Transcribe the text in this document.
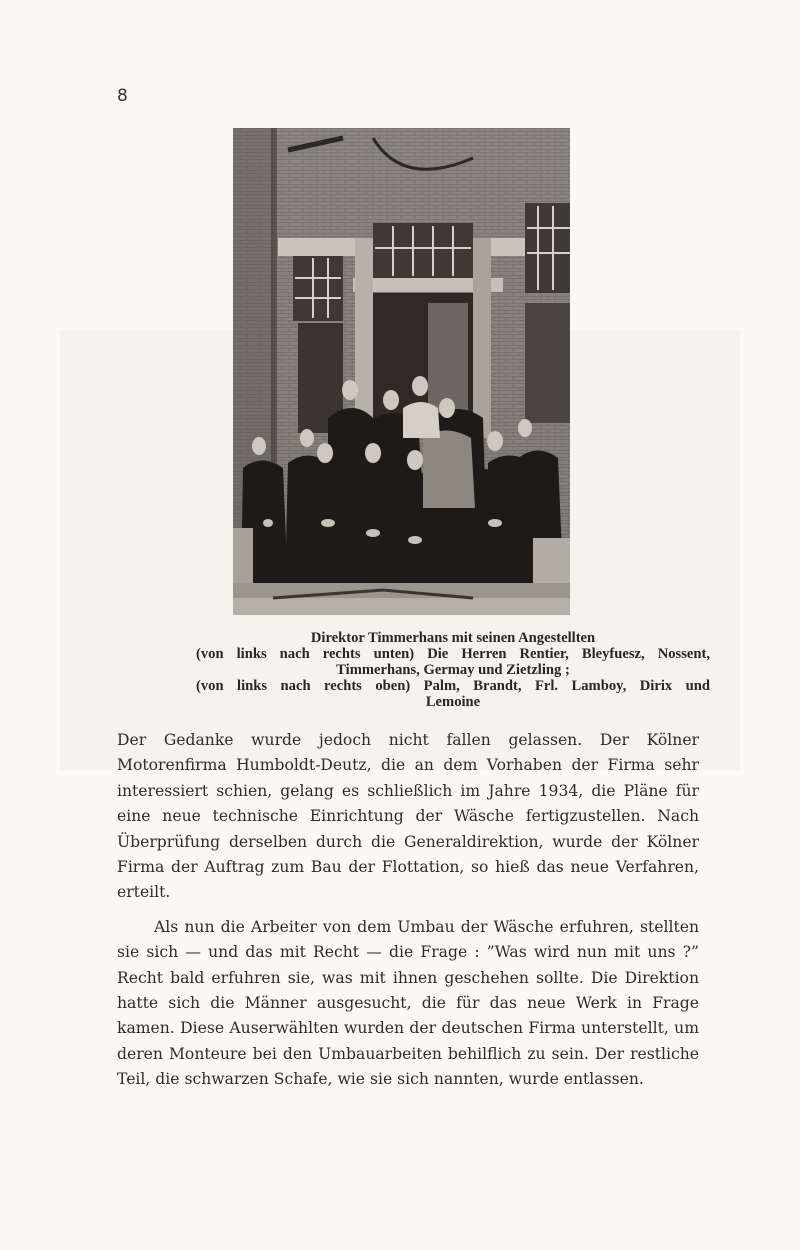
8
Direktor Timmerhans mit seinen Angestellten
(von links nach rechts unten) Die Herren Rentier, Bleyfuesz, Nossent,
Timmerhans, Germay und Zietzling ;
(von links nach rechts oben) Palm, Brandt, Frl. Lamboy, Dirix und
Lemoine

Der Gedanke wurde jedoch nicht fallen gelassen. Der Kölner Motorenfirma Humboldt-Deutz, die an dem Vorhaben der Firma sehr interessiert schien, gelang es schließlich im Jahre 1934, die Pläne für eine neue technische Einrichtung der Wäsche fertigzustellen. Nach Überprüfung derselben durch die Generaldirektion, wurde der Kölner Firma der Auftrag zum Bau der Flottation, so hieß das neue Verfahren, erteilt.

Als nun die Arbeiter von dem Umbau der Wäsche erfuhren, stellten sie sich — und das mit Recht — die Frage : ”Was wird nun mit uns ?” Recht bald erfuhren sie, was mit ihnen geschehen sollte. Die Direktion hatte sich die Männer ausgesucht, die für das neue Werk in Frage kamen. Diese Auserwählten wurden der deutschen Firma unterstellt, um deren Monteure bei den Umbauarbeiten behilflich zu sein. Der restliche Teil, die schwarzen Schafe, wie sie sich nannten, wurde entlassen.
